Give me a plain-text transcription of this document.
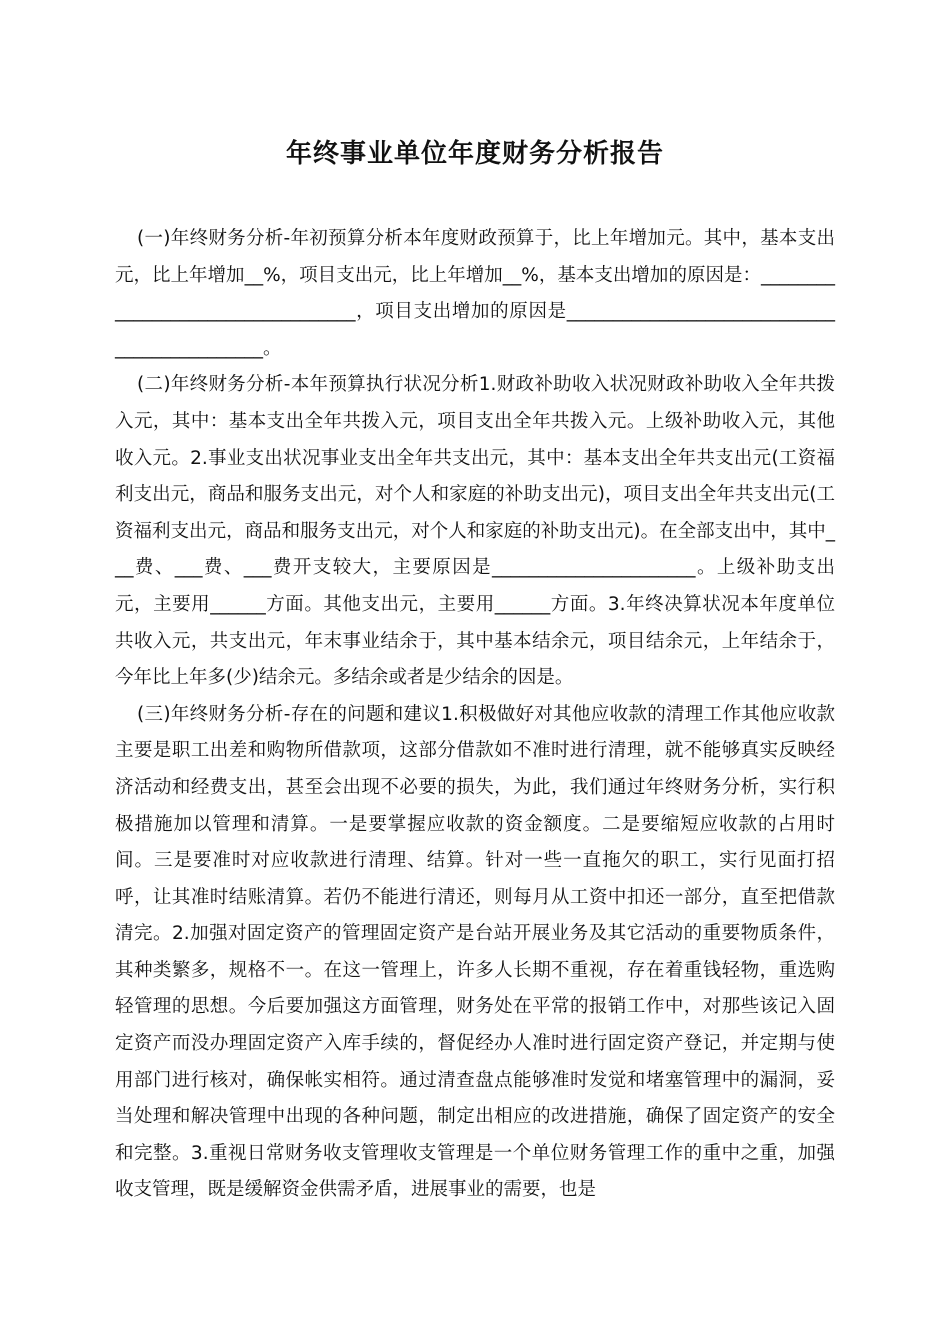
年终事业单位年度财务分析报告

(一)年终财务分析-年初预算分析本年度财政预算于，比上年增加元。其中，基本支出元，比上年增加__%，项目支出元，比上年增加__%，基本支出增加的原因是：__________________________________，项目支出增加的原因是_____________________________________________。

(二)年终财务分析-本年预算执行状况分析1.财政补助收入状况财政补助收入全年共拨入元，其中：基本支出全年共拨入元，项目支出全年共拨入元。上级补助收入元，其他收入元。2.事业支出状况事业支出全年共支出元，其中：基本支出全年共支出元(工资福利支出元，商品和服务支出元，对个人和家庭的补助支出元)，项目支出全年共支出元(工资福利支出元，商品和服务支出元，对个人和家庭的补助支出元)。在全部支出中，其中___费、___费、___费开支较大，主要原因是______________________。上级补助支出元，主要用______方面。其他支出元，主要用______方面。3.年终决算状况本年度单位共收入元，共支出元，年末事业结余于，其中基本结余元，项目结余元，上年结余于，今年比上年多(少)结余元。多结余或者是少结余的因是。

(三)年终财务分析-存在的问题和建议1.积极做好对其他应收款的清理工作其他应收款主要是职工出差和购物所借款项，这部分借款如不准时进行清理，就不能够真实反映经济活动和经费支出，甚至会出现不必要的损失，为此，我们通过年终财务分析，实行积极措施加以管理和清算。一是要掌握应收款的资金额度。二是要缩短应收款的占用时间。三是要准时对应收款进行清理、结算。针对一些一直拖欠的职工，实行见面打招呼，让其准时结账清算。若仍不能进行清还，则每月从工资中扣还一部分，直至把借款清完。2.加强对固定资产的管理固定资产是台站开展业务及其它活动的重要物质条件，其种类繁多，规格不一。在这一管理上，许多人长期不重视，存在着重钱轻物，重选购轻管理的思想。今后要加强这方面管理，财务处在平常的报销工作中，对那些该记入固定资产而没办理固定资产入库手续的，督促经办人准时进行固定资产登记，并定期与使用部门进行核对，确保帐实相符。通过清查盘点能够准时发觉和堵塞管理中的漏洞，妥当处理和解决管理中出现的各种问题，制定出相应的改进措施，确保了固定资产的安全和完整。3.重视日常财务收支管理收支管理是一个单位财务管理工作的重中之重，加强收支管理，既是缓解资金供需矛盾，进展事业的需要，也是
